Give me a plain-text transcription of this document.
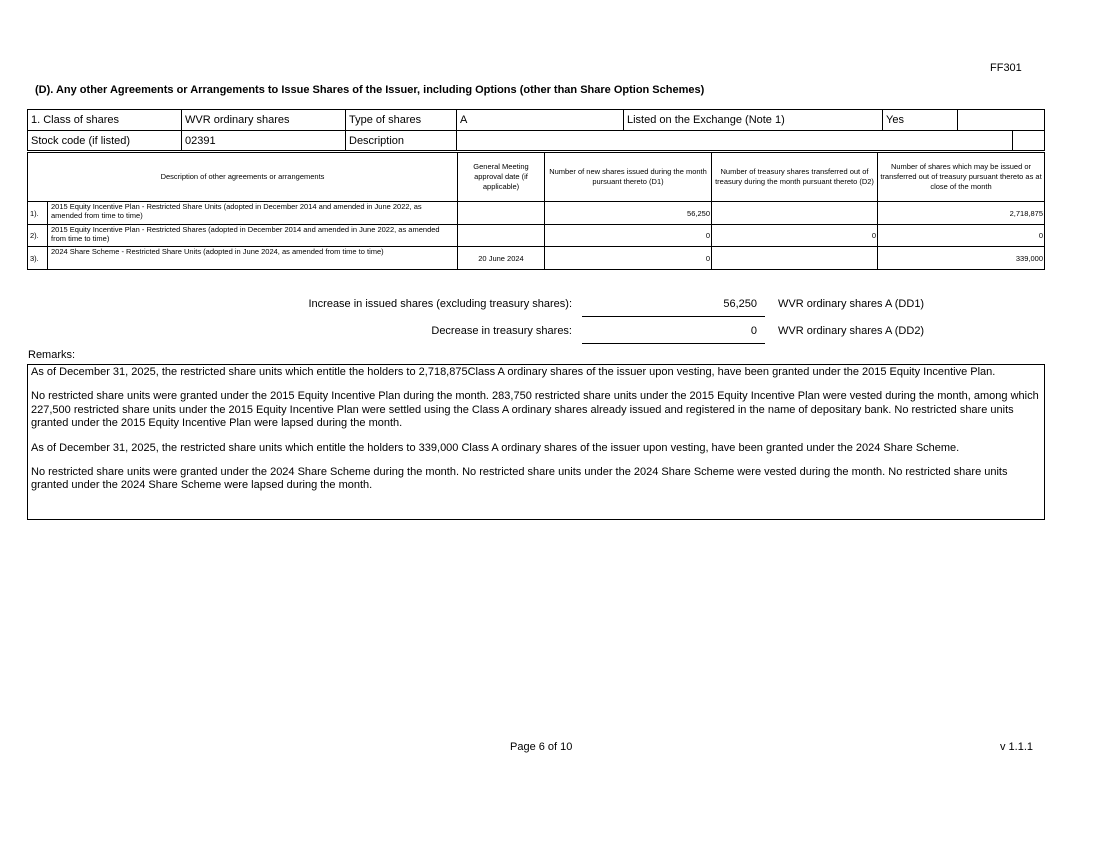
FF301
(D). Any other Agreements or Arrangements to Issue Shares of the Issuer, including Options (other than Share Option Schemes)
1. Class of shares	WVR ordinary shares	Type of shares	A	Listed on the Exchange (Note 1)	Yes		
Stock code (if listed)	02391	Description					
Description of other agreements or arrangements		General Meeting approval date (if applicable)	Number of new shares issued during the month pursuant thereto (D1)	Number of treasury shares transferred out of treasury during the month pursuant thereto (D2)	Number of shares which may be issued or transferred out of treasury pursuant thereto as at close of the month
1).	2015 Equity Incentive Plan - Restricted Share Units (adopted in December 2014 and amended in June 2022, as amended from time to time)		56,250		2,718,875
2).	2015 Equity Incentive Plan - Restricted Shares (adopted in December 2014 and amended in June 2022, as amended from time to time)		0	0	0
3).	2024 Share Scheme - Restricted Share Units (adopted in June 2024, as amended from time to time)	20 June 2024	0		339,000
Increase in issued shares (excluding treasury shares):	56,250 WVR ordinary shares A (DD1)
Decrease in treasury shares:	0 WVR ordinary shares A (DD2)
Remarks:

As of December 31, 2025, the restricted share units which entitle the holders to 2,718,875Class A ordinary shares of the issuer upon vesting, have been granted under the 2015 Equity Incentive Plan.

No restricted share units were granted under the 2015 Equity Incentive Plan during the month. 283,750 restricted share units under the 2015 Equity Incentive Plan were vested during the month, among which 227,500 restricted share units under the 2015 Equity Incentive Plan were settled using the Class A ordinary shares already issued and registered in the name of depositary bank. No restricted share units granted under the 2015 Equity Incentive Plan were lapsed during the month.

As of December 31, 2025, the restricted share units which entitle the holders to 339,000 Class A ordinary shares of the issuer upon vesting, have been granted under the 2024 Share Scheme.

No restricted share units were granted under the 2024 Share Scheme during the month. No restricted share units under the 2024 Share Scheme were vested during the month. No restricted share units granted under the 2024 Share Scheme were lapsed during the month.

Page 6 of 10	v 1.1.1
